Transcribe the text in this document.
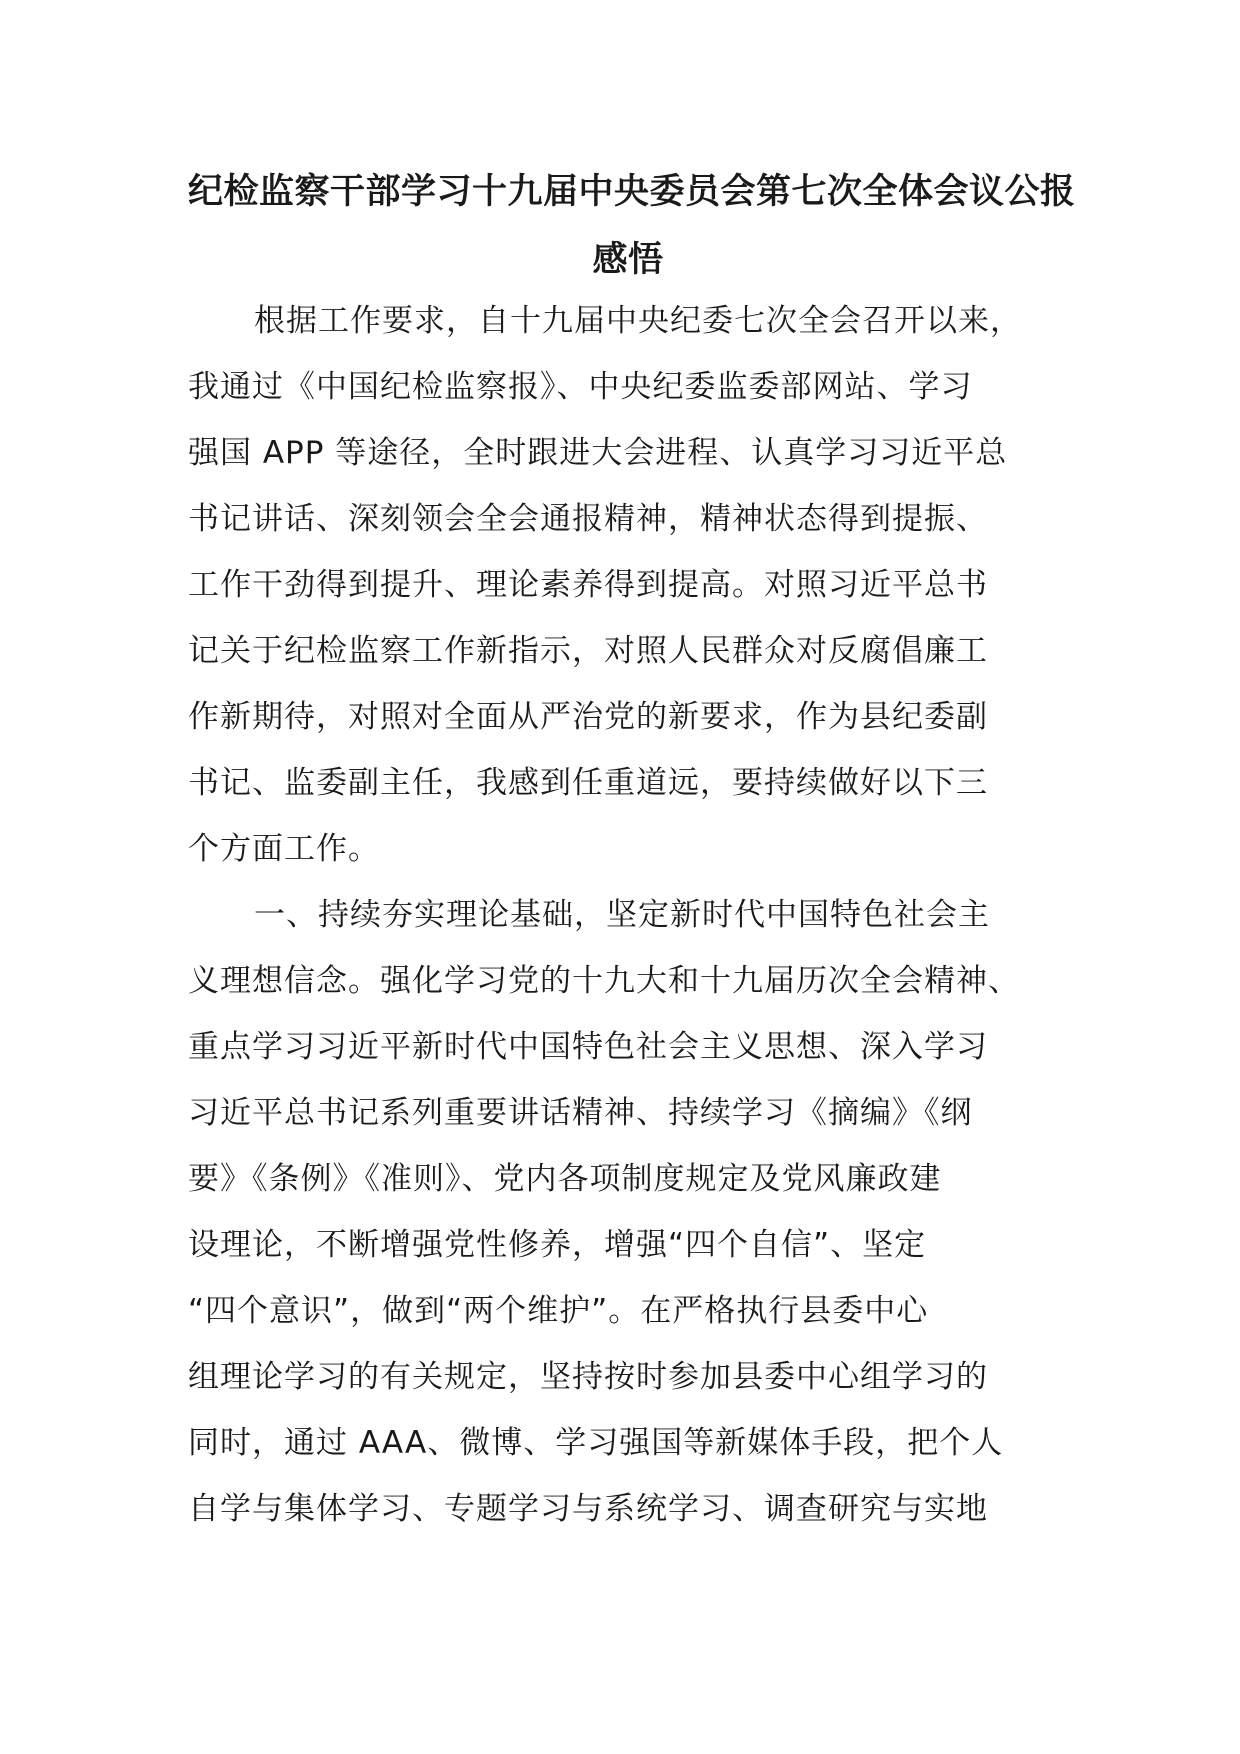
纪检监察干部学习十九届中央委员会第七次全体会议公报
感悟
根据工作要求，自十九届中央纪委七次全会召开以来，
我通过《中国纪检监察报》、中央纪委监委部网站、学习
强国 APP 等途径，全时跟进大会进程、认真学习习近平总
书记讲话、深刻领会全会通报精神，精神状态得到提振、
工作干劲得到提升、理论素养得到提高。对照习近平总书
记关于纪检监察工作新指示，对照人民群众对反腐倡廉工
作新期待，对照对全面从严治党的新要求，作为县纪委副
书记、监委副主任，我感到任重道远，要持续做好以下三
个方面工作。
一、持续夯实理论基础，坚定新时代中国特色社会主
义理想信念。强化学习党的十九大和十九届历次全会精神、
重点学习习近平新时代中国特色社会主义思想、深入学习
习近平总书记系列重要讲话精神、持续学习《摘编》《纲
要》《条例》《准则》、党内各项制度规定及党风廉政建
设理论，不断增强党性修养，增强“四个自信”、坚定
“四个意识”，做到“两个维护”。在严格执行县委中心
组理论学习的有关规定，坚持按时参加县委中心组学习的
同时，通过 AAA、微博、学习强国等新媒体手段，把个人
自学与集体学习、专题学习与系统学习、调查研究与实地
